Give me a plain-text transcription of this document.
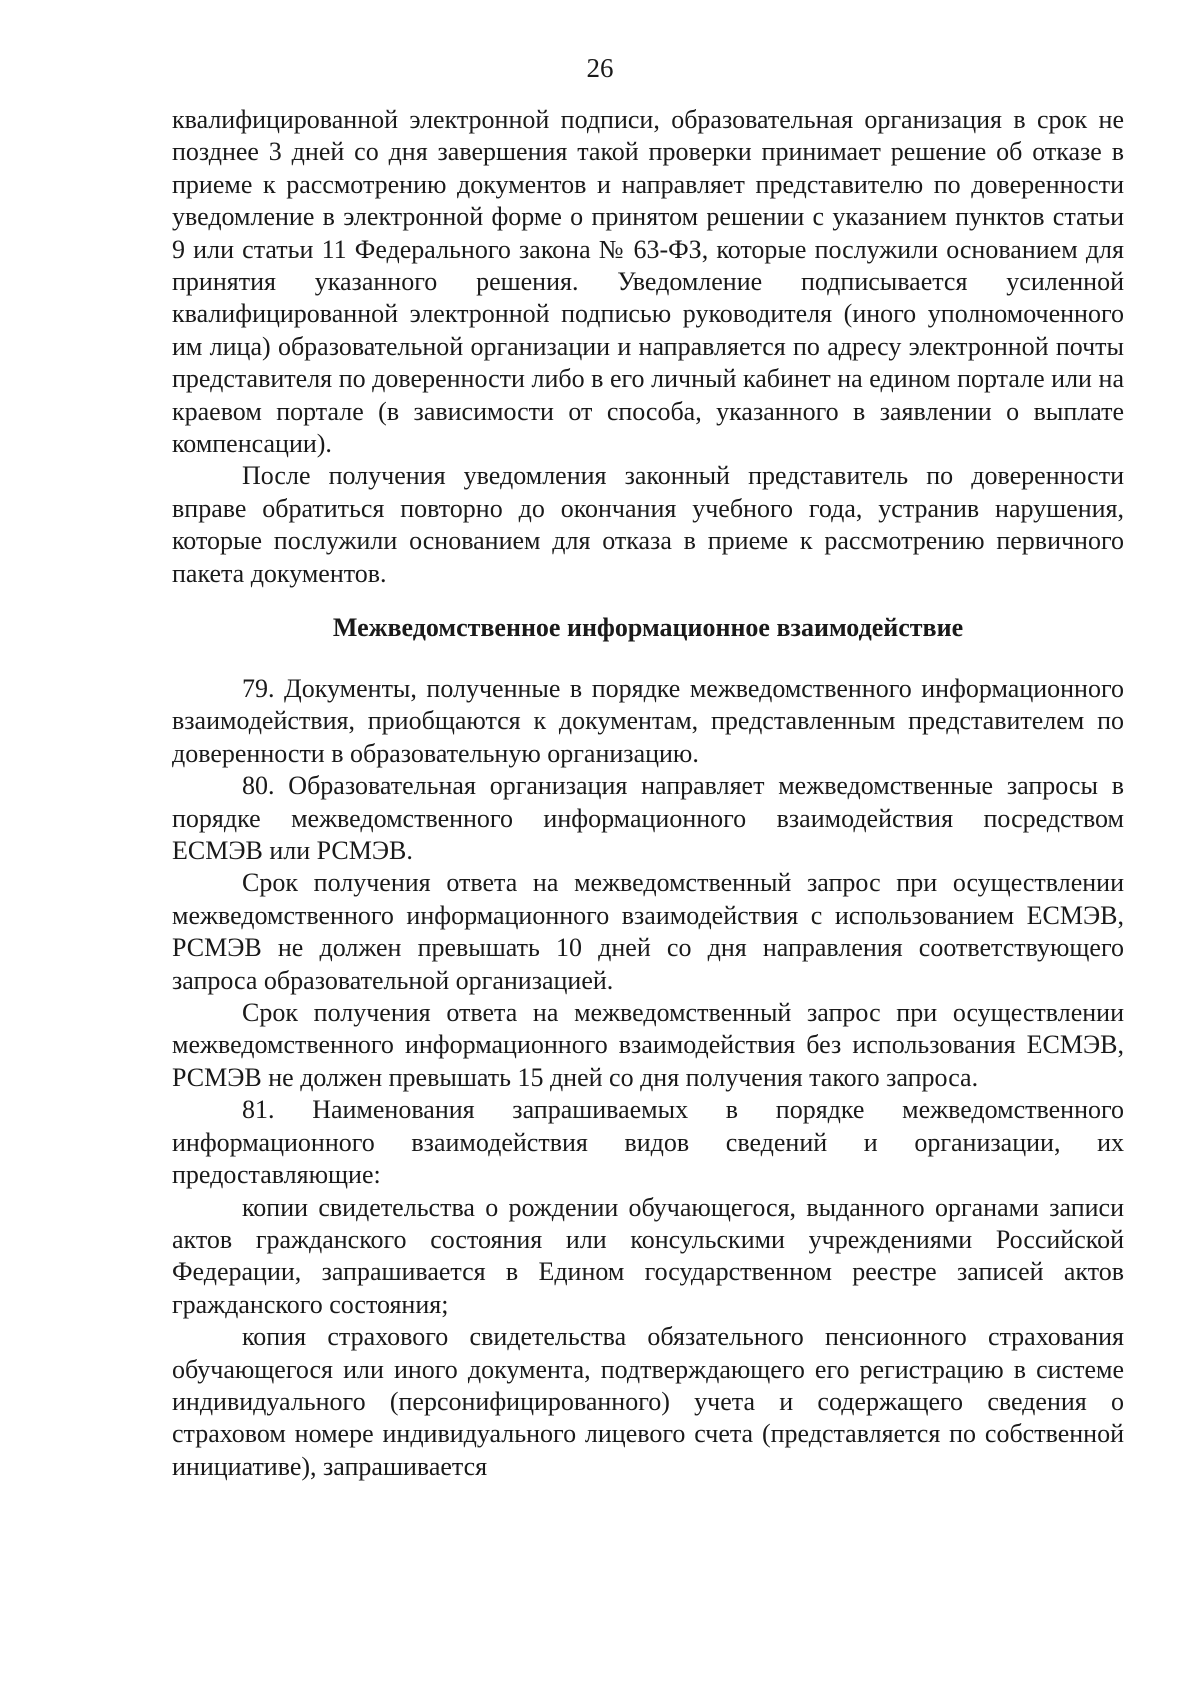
26

квалифицированной электронной подписи, образовательная организация в срок не позднее 3 дней со дня завершения такой проверки принимает решение об отказе в приеме к рассмотрению документов и направляет представителю по доверенности уведомление в электронной форме о принятом решении с указанием пунктов статьи 9 или статьи 11 Федерального закона № 63-ФЗ, которые послужили основанием для принятия указанного решения. Уведомление подписывается усиленной квалифицированной электронной подписью руководителя (иного уполномоченного им лица) образовательной организации и направляется по адресу электронной почты представителя по доверенности либо в его личный кабинет на едином портале или на краевом портале (в зависимости от способа, указанного в заявлении о выплате компенсации).

После получения уведомления законный представитель по доверенности вправе обратиться повторно до окончания учебного года, устранив нарушения, которые послужили основанием для отказа в приеме к рассмотрению первичного пакета документов.

Межведомственное информационное взаимодействие

79. Документы, полученные в порядке межведомственного информационного взаимодействия, приобщаются к документам, представленным представителем по доверенности в образовательную организацию.

80. Образовательная организация направляет межведомственные запросы в порядке межведомственного информационного взаимодействия посредством ЕСМЭВ или РСМЭВ.

Срок получения ответа на межведомственный запрос при осуществлении межведомственного информационного взаимодействия с использованием ЕСМЭВ, РСМЭВ не должен превышать 10 дней со дня направления соответствующего запроса образовательной организацией.

Срок получения ответа на межведомственный запрос при осуществлении межведомственного информационного взаимодействия без использования ЕСМЭВ, РСМЭВ не должен превышать 15 дней со дня получения такого запроса.

81. Наименования запрашиваемых в порядке межведомственного информационного взаимодействия видов сведений и организации, их предоставляющие:

копии свидетельства о рождении обучающегося, выданного органами записи актов гражданского состояния или консульскими учреждениями Российской Федерации, запрашивается в Едином государственном реестре записей актов гражданского состояния;

копия страхового свидетельства обязательного пенсионного страхования обучающегося или иного документа, подтверждающего его регистрацию в системе индивидуального (персонифицированного) учета и содержащего сведения о страховом номере индивидуального лицевого счета (представляется по собственной инициативе), запрашивается
